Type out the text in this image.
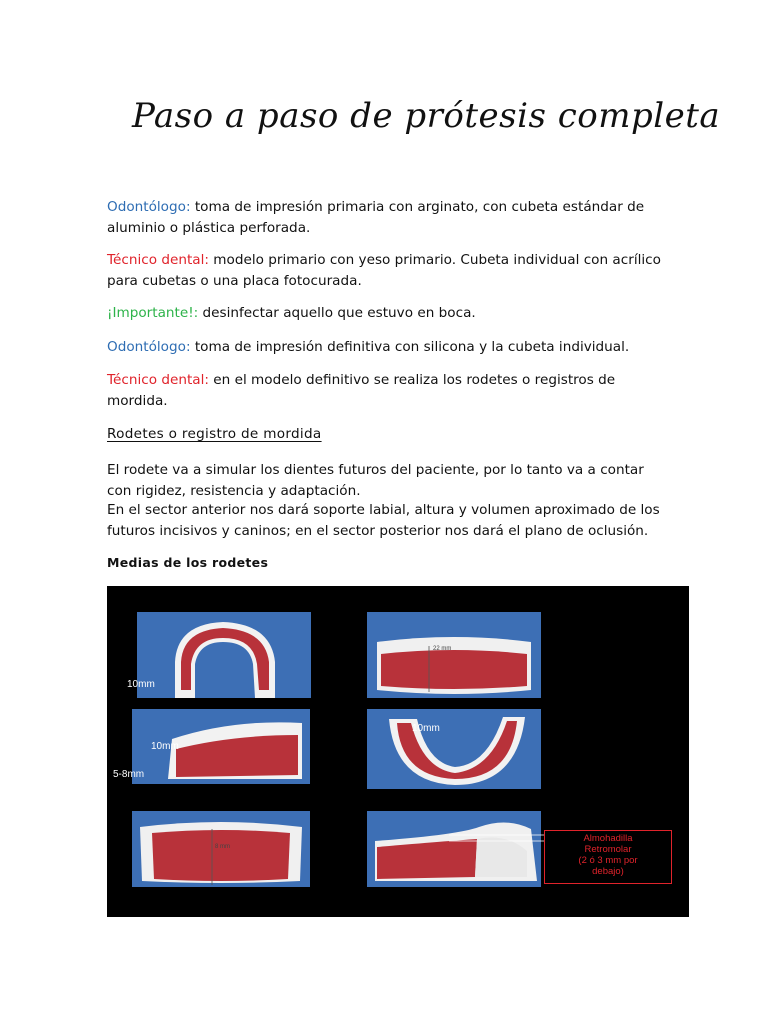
Paso a paso de prótesis completa
Odontólogo: toma de impresión primaria con arginato, con cubeta estándar de aluminio o plástica perforada.
Técnico dental: modelo primario con yeso primario. Cubeta individual con acrílico para cubetas o una placa fotocurada.
¡Importante!: desinfectar aquello que estuvo en boca.
Odontólogo: toma de impresión definitiva con silicona y la cubeta individual.
Técnico dental: en el modelo definitivo se realiza los rodetes o registros de mordida.
Rodetes o registro de mordida
El rodete va a simular los dientes futuros del paciente, por lo tanto va a contar con rigidez, resistencia y adaptación.
En el sector anterior nos dará soporte labial, altura y volumen aproximado de los futuros incisivos y caninos; en el sector posterior nos dará el plano de oclusión.
Medias de los rodetes
10mm
22 mm
10mm
5-8mm
10mm
8 mm
Almohadilla
Retromolar
(2 ó 3 mm por
debajo)
